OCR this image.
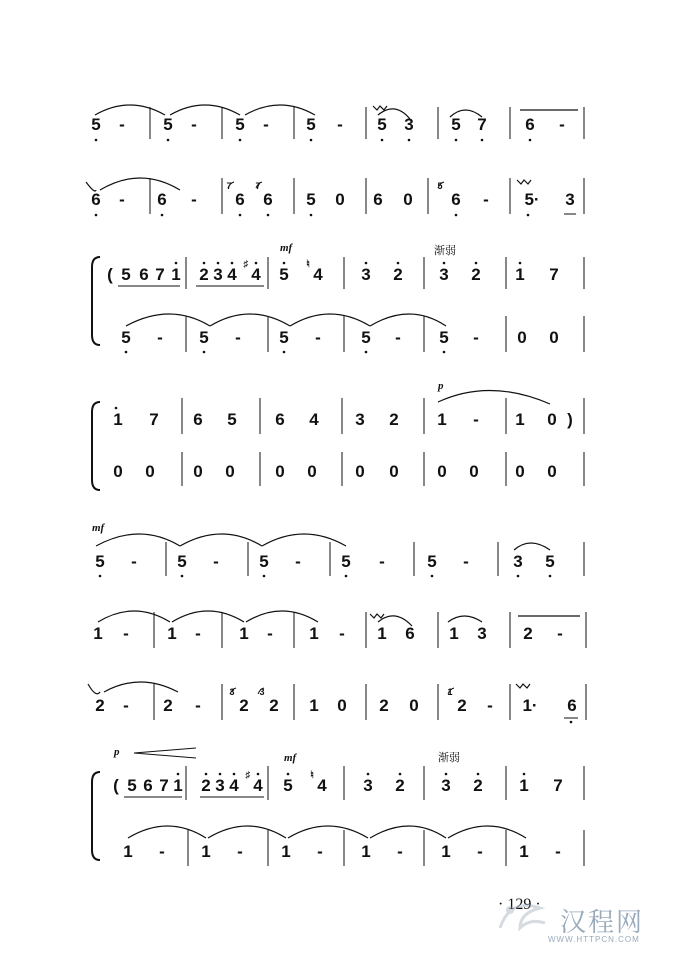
5 - 5 - 5 - 5 - 5 3 5 7 6 -
6 - 6 -
7
6
7
6 5 0 6 0
5
6 - 5· 3
mf	渐弱
( 5 6 7 1 2 3 4
♯
4 5
♮
4 3 2 3 2 1 7
5 - 5 - 5 - 5 - 5 - 0 0
p
1 7 6 5 6 4 3 2 1 - 1 0 )
0 0 0 0 0 0 0 0 0 0 0 0
mf
5 - 5 - 5 - 5 - 5 -	3 5
1 - 1 - 1 - 1 - 1 6 1 3 2 -
2 - 2 -
3
2
3
2 1 0 2 0
1
2 - 1· 6
p	mf	渐弱
( 5 6 7 1 2 3 4
♯
4 5
♮
4 3 2 3 2 1 7
1 - 1 - 1 - 1 - 1 - 1 -
· 129 ·
汉程网
WWW.HTTPCN.COM
